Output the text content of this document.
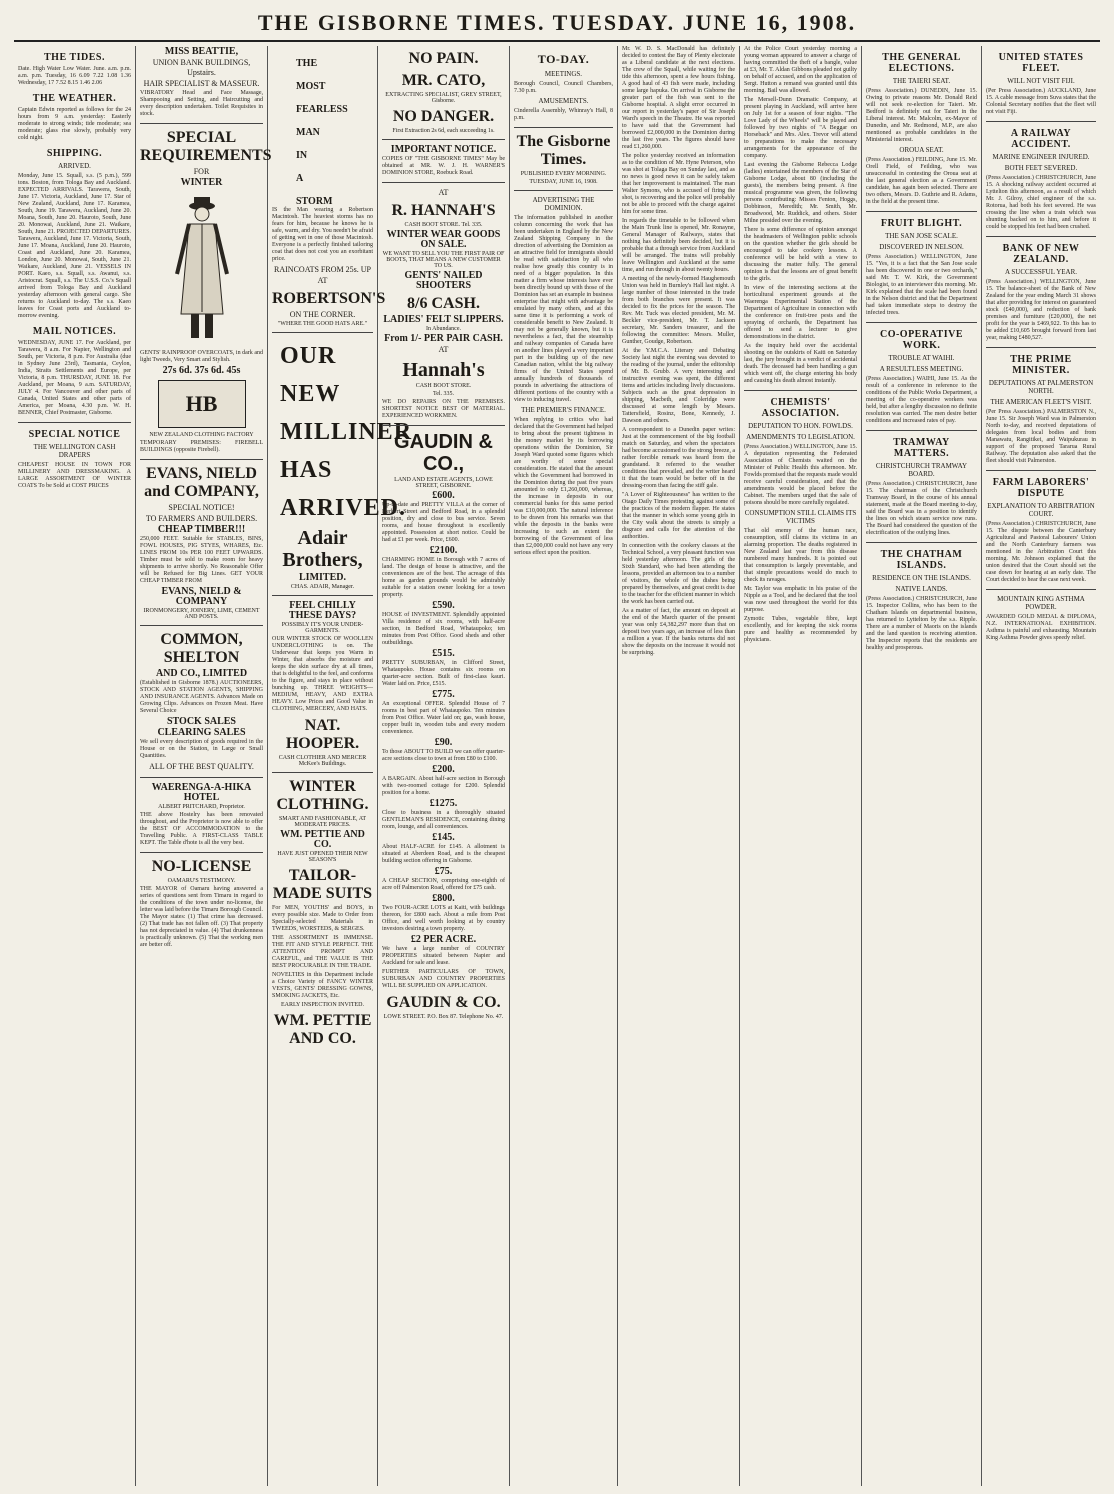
THE GISBORNE TIMES. TUESDAY. JUNE 16, 1908.
THE TIDES.

Date. High Water Low Water. June. a.m. p.m. a.m. p.m. Tuesday, 16 6.09 7.22 1.08 1.36 Wednesday, 17 7.52 8.15 1.46 2.06

THE WEATHER.

Captain Edwin reported as follows for the 24 hours from 9 a.m. yesterday: Easterly moderate to strong winds; tide moderate; sea moderate; glass rise slowly, probably very cold night.

SHIPPING.
ARRIVED.

Monday, June 15. Squall, s.s. (5 p.m.), 599 tons. Boston, from Tologa Bay and Auckland. EXPECTED ARRIVALS. Tarawera, South, June 17. Victoria, Auckland, June 17. Star of New Zealand, Auckland, June 17. Karamea, South, June 19. Tarawera, Auckland, June 20. Moana, South, June 20. Hauroto, South, June 20. Monowai, Auckland, June 21. Waikare, South, June 21. PROJECTED DEPARTURES. Tarawera, Auckland, June 17. Victoria, South, June 17. Moana, Auckland, June 20. Hauroto, Coast and Auckland, June 20. Karamea, London, June 20. Monowai, South, June 21. Waikare, Auckland, June 21. VESSELS IN PORT. Kaeo, s.s. Squall, s.s. Awanui, s.s. Aristocrat. Squall, s.s. The U.S.S. Co.'s Squall arrived from Tologa Bay and Auckland yesterday afternoon with general cargo. She returns to Auckland to-day. The s.s. Kaeo leaves for Coast ports and Auckland to-morrow evening.

MAIL NOTICES.

WEDNESDAY, JUNE 17. For Auckland, per Tarawera, 8 a.m. For Napier, Wellington and South, per Victoria, 8 p.m. For Australia (due in Sydney June 23rd), Tasmania, Ceylon, India, Straits Settlements and Europe, per Victoria, 8 p.m. THURSDAY, JUNE 18. For Auckland, per Moana, 9 a.m. SATURDAY, JULY 4. For Vancouver and other parts of Canada, United States and other parts of America, per Moana, 4.30 p.m. W. H. BENNER, Chief Postmaster, Gisborne.

SPECIAL NOTICE
THE WELLINGTON CASH DRAPERS

CHEAPEST HOUSE IN TOWN FOR MILLINERY AND DRESSMAKING. A LARGE ASSORTMENT OF WINTER COATS To be Sold at COST PRICES

MISS BEATTIE,
UNION BANK BUILDINGS, Upstairs.
HAIR SPECIALIST & MASSEUR.

VIBRATORY Head and Face Massage, Shampooing and Setting, and Haircutting and every description undertaken. Toilet Requisites in stock.

SPECIAL REQUIREMENTS
FOR
WINTER

GENTS' RAINPROOF OVERCOATS, in dark and light Tweeds, Very Smart and Stylish.

27s 6d. 37s 6d. 45s
HB
NEW ZEALAND CLOTHING FACTORY

TEMPORARY PREMISES: FIREBELL BUILDINGS (opposite Firebell).

EVANS, NIELD and COMPANY,
SPECIAL NOTICE!
TO FARMERS AND BUILDERS.
CHEAP TIMBER!!!

250,000 FEET. Suitable for STABLES, BINS, FOWL HOUSES, PIG STYES, WHARES, Etc. LINES FROM 10s PER 100 FEET UPWARDS. Timber must be sold to make room for heavy shipments to arrive shortly. No Reasonable Offer will be Refused for Big Lines. GET YOUR CHEAP TIMBER FROM

EVANS, NIELD & COMPANY
IRONMONGERY, JOINERY, LIME, CEMENT AND POSTS.
COMMON, SHELTON
AND CO., LIMITED

(Established in Gisborne 1878.) AUCTIONEERS, STOCK AND STATION AGENTS, SHIPPING AND INSURANCE AGENTS. Advances Made on Growing Clips. Advances on Frozen Meat. Have Several Choice

STOCK SALES
CLEARING SALES

We sell every description of goods required in the House or on the Station, in Large or Small Quantities.

ALL OF THE BEST QUALITY.
WAERENGA-A-HIKA HOTEL
ALBERT PRITCHARD, Proprietor.

THE above Hostelry has been renovated throughout, and the Proprietor is now able to offer the BEST OF ACCOMMODATION to the Travelling Public. A FIRST-CLASS TABLE KEPT. The Table d'hote is all the very best.

NO-LICENSE
OAMARU'S TESTIMONY.

THE MAYOR of Oamaru having answered a series of questions sent from Timaru in regard to the conditions of the town under no-license, the letter was laid before the Timaru Borough Council. The Mayor states: (1) That crime has decreased. (2) That trade has not fallen off. (3) That property has not depreciated in value. (4) That drunkenness is practically unknown. (5) That the working men are better off.

THE
MOST
FEARLESS
MAN
IN
A
STORM

IS the Man wearing a Robertson Macintosh. The heaviest storms has no fears for him, because he knows he is safe, warm, and dry. You needn't be afraid of getting wet in one of those Macintosh. Everyone is a perfectly finished tailoring coat that does not cost you an exorbitant price.

RAINCOATS FROM 25s. UP
AT
ROBERTSON'S
ON THE CORNER.
"WHERE THE GOOD HATS ARE."
OUR
NEW
MILLINER
HAS
ARRIVED.
Adair Brothers,
LIMITED.
CHAS. ADAIR, Manager.
FEEL CHILLY THESE DAYS?
POSSIBLY IT'S YOUR UNDER-GARMENTS.

OUR WINTER STOCK OF WOOLLEN UNDERCLOTHING is on. The Underwear that keeps you Warm in Winter, that absorbs the moisture and keeps the skin surface dry at all times, that is delightful to the feel, and conforms to the figure, and stays in place without bunching up. THREE WEIGHTS—MEDIUM, HEAVY, AND EXTRA HEAVY. Low Prices and Good Value in CLOTHING, MERCERY, AND HATS.

NAT. HOOPER.
CASH CLOTHIER AND MERCER McKee's Buildings.
WINTER CLOTHING.
SMART AND FASHIONABLE, AT MODERATE PRICES.
WM. PETTIE AND CO.
HAVE JUST OPENED THEIR NEW SEASON'S
TAILOR-MADE SUITS

For MEN, YOUTHS' and BOYS, in every possible size. Made to Order from Specially-selected Materials in TWEEDS, WORSTEDS, & SERGES.

THE ASSORTMENT IS IMMENSE. THE FIT AND STYLE PERFECT. THE ATTENTION PROMPT AND CAREFUL, and THE VALUE IS THE BEST PROCURABLE IN THE TRADE.

NOVELTIES in this Department include a Choice Variety of FANCY WINTER VESTS, GENTS' DRESSING GOWNS, SMOKING JACKETS, Etc.

EARLY INSPECTION INVITED.
WM. PETTIE AND CO.
NO PAIN.
MR. CATO,
EXTRACTING SPECIALIST, GREY STREET, Gisborne.
NO DANGER.
First Extraction 2s 6d, each succeeding 1s.
IMPORTANT NOTICE.

COPIES OF "THE GISBORNE TIMES" May be obtained at MR. W. J. H. WARNER'S DOMINION STORE, Roebuck Road.

AT
R. HANNAH'S
CASH BOOT STORE. Tel. 335.
WINTER WEAR GOODS ON SALE.
WE WANT TO SELL YOU THE FIRST PAIR OF BOOTS, THAT MEANS A NEW CUSTOMER TO US.
GENTS' NAILED SHOOTERS
8/6 CASH.
LADIES' FELT SLIPPERS.
In Abundance.
From 1/- PER PAIR CASH.
AT
Hannah's
CASH BOOT STORE.
Tel. 335.

WE DO REPAIRS ON THE PREMISES. SHORTEST NOTICE BEST OF MATERIAL. EXPERIENCED WORKMEN.

GAUDIN & CO.,
LAND AND ESTATE AGENTS, LOWE STREET, GISBORNE.
£600.

Up-to-date and PRETTY VILLA at the corner of Herbert Street and Bedford Road, in a splendid position, dry and close to bus service. Seven rooms, and house throughout is excellently appointed. Possession at short notice. Could be had at £1 per week. Price, £600.

£2100.

CHARMING HOME in Borough with 7 acres of land. The design of house is attractive, and the conveniences are of the best. The acreage of this home as garden grounds would be admirably suitable for a station owner looking for a town property.

£590.

HOUSE of INVESTMENT. Splendidly appointed Villa residence of six rooms, with half-acre section, in Bedford Road, Whataupoko; ten minutes from Post Office. Good sheds and other outbuildings.

£515.

PRETTY SUBURBAN, in Clifford Street, Whataupoko. House contains six rooms on quarter-acre section. Built of first-class kauri. Water laid on. Price, £515.

£775.

An exceptional OFFER. Splendid House of 7 rooms in best part of Whataupoko. Ten minutes from Post Office. Water laid on; gas, wash house, copper built in, wooden tubs and every modern convenience.

£90.

To those ABOUT TO BUILD we can offer quarter-acre sections close to town at from £80 to £100.

£200.

A BARGAIN. About half-acre section in Borough with two-roomed cottage for £200. Splendid position for a home.

£1275.

Close to business in a thoroughly situated GENTLEMAN'S RESIDENCE, containing dining room, lounge, and all conveniences.

£145.

About HALF-ACRE for £145. A allotment is situated at Aberdeen Road, and is the cheapest building section offering in Gisborne.

£75.

A CHEAP SECTION, comprising one-eighth of acre off Palmerston Road, offered for £75 cash.

£800.

Two FOUR-ACRE LOTS at Kaiti, with buildings thereon, for £800 each. About a mile from Post Office, and well worth looking at by country investors desiring a town property.

£2 PER ACRE.

We have a large number of COUNTRY PROPERTIES situated between Napier and Auckland for sale and lease.

FURTHER PARTICULARS OF TOWN, SUBURBAN AND COUNTRY PROPERTIES WILL BE SUPPLIED ON APPLICATION.

GAUDIN & CO.
LOWE STREET. P.O. Box 87. Telephone No. 47.
TO-DAY.
MEETINGS.

Borough Council, Council Chambers, 7.30 p.m.

AMUSEMENTS.

Cinderella Assembly, Whinray's Hall, 8 p.m.

The Gisborne Times.
PUBLISHED EVERY MORNING.
TUESDAY, JUNE 16, 1908.
ADVERTISING THE DOMINION.

The information published in another column concerning the work that has been undertaken in England by the New Zealand Shipping Company in the direction of advertising the Dominion as an attractive field for immigrants should be read with satisfaction by all who realise how greatly this country is in need of a bigger population. In this matter a firm whose interests have ever been directly bound up with those of the Dominion has set an example in business enterprise that might with advantage be emulated by many others, and at this same time it is performing a work of considerable benefit to New Zealand. It may not be generally known, but it is nevertheless a fact, that the steamship and railway companies of Canada have on another lines played a very important part in the building up of the new Canadian nation, whilst the big railway firms of the United States spend annually hundreds of thousands of pounds in advertising the attractions of different portions of the country with a view to inducing travel.

THE PREMIER'S FINANCE.

When replying to critics who had declared that the Government had helped to bring about the present tightness in the money market by its borrowing operations within the Dominion, Sir Joseph Ward quoted some figures which are worthy of some special consideration. He stated that the amount which the Government had borrowed in the Dominion during the past five years amounted to only £1,260,000, whereas, the increase in deposits in our commercial banks for this same period was £10,000,000. The natural inference to be drawn from his remarks was that while the deposits in the banks were increasing to such an extent the borrowing of the Government of less than £2,000,000 could not have any very serious effect upon the position.

Mr. W. D. S. MacDonald has definitely decided to contest the Bay of Plenty electorate as a Liberal candidate at the next elections. The crew of the Squall, while waiting for the tide this afternoon, spent a few hours fishing. A good haul of 43 fish were made, including some large hapuka. On arrival in Gisborne the greater part of the fish was sent to the Gisborne hospital. A slight error occurred in our report in yesterday's paper of Sir Joseph Ward's speech in the Theatre. He was reported to have said that the Government had borrowed £2,000,000 in the Dominion during the last five years. The figures should have read £1,260,000.

The police yesterday received an information as to the condition of Mr. Hyne Peterson, who was shot at Tolaga Bay on Sunday last, and as no news is good news it can be safely taken that her improvement is maintained. The man Walter Symons, who is accused of firing the shot, is recovering and the police will probably not be able to proceed with the charge against him for some time.

In regards the timetable to be followed when the Main Trunk line is opened, Mr. Ronayne, General Manager of Railways, states that nothing has definitely been decided, but it is probable that a through service from Auckland will be arranged. The trains will probably leave Wellington and Auckland at the same time, and run through in about twenty hours.

A meeting of the newly-formed Haughemouth Union was held in Burnley's Hall last night. A large number of those interested in the trade from both branches were present. It was decided to fix the prices for the season. The Rev. Mr. Tuck was elected president, Mr. M. Beckler vice-president, Mr. T. Jackson secretary, Mr. Sanders treasurer, and the following the committee: Messrs. Muller, Gunther, Goudge, Robertson.

At the Y.M.C.A. Literary and Debating Society last night the evening was devoted to the reading of the journal, under the editorship of Mr. B. Grubb. A very interesting and instructive evening was spent, the different items and articles including lively discussions. Subjects such as the great depression in shipping, Macbeth, and Coleridge were discussed at some length by Messrs. Tattersfield, Rosinz, Bone, Kennedy, J. Dawson and others.

A correspondent to a Dunedin paper writes: Just at the commencement of the big football match on Saturday, and when the spectators had become accustomed to the strong breeze, a rather forcible remark was heard from the grandstand. It referred to the weather conditions that prevailed, and the writer heard it that the team would be better off in the dressing-room than facing the stiff gale.

"A Lover of Righteousness" has written to the Otago Daily Times protesting against some of the practices of the modern flapper. He states that the manner in which some young girls in the City walk about the streets is simply a disgrace and calls for the attention of the authorities.

In connection with the cookery classes at the Technical School, a very pleasant function was held yesterday afternoon. The girls of the Sixth Standard, who had been attending the lessons, provided an afternoon tea to a number of visitors, the whole of the dishes being prepared by themselves, and great credit is due to the teacher for the efficient manner in which the work has been carried out.

As a matter of fact, the amount on deposit at the end of the March quarter of the present year was only £4,382,297 more than that on deposit two years ago, an increase of less than a million a year. If the banks returns did not show the deposits on the increase it would not be surprising.

At the Police Court yesterday morning a young woman appeared to answer a charge of having committed the theft of a bangle, value at £3, Mr. T. Aldan Gibbons pleaded not guilty on behalf of accused, and on the application of Sergt. Hutton a remand was granted until this morning. Bail was allowed.

The Mersell-Dunn Dramatic Company, at present playing in Auckland, will arrive here on July 1st for a season of four nights. "The Love Lady of the Wheels" will be played and followed by two nights of "A Beggar on Horseback" and Mrs. Alex. Trevor will attend to preparations to make the necessary arrangements for the appearance of the company.

Last evening the Gisborne Rebecca Lodge (ladies) entertained the members of the Star of Gisborne Lodge, about 80 (including the guests), the members being present. A fine musical programme was given, the following persons contributing: Misses Fenton, Hoggs, Dobbinson, Meredith; Mr. Smith, Mr. Broadwood, Mr. Ruddick, and others. Sister Milne presided over the evening.

There is some difference of opinion amongst the headmasters of Wellington public schools on the question whether the girls should be encouraged to take cookery lessons. A conference will be held with a view to discussing the matter fully. The general opinion is that the lessons are of great benefit to the girls.

In view of the interesting sections at the horticultural experiment grounds at the Waerenga Experimental Station of the Department of Agriculture in connection with the conference on fruit-tree pests and the spraying of orchards, the Department has offered to send a lecturer to give demonstrations in the district.

As the inquiry held over the accidental shooting on the outskirts of Kaiti on Saturday last, the jury brought in a verdict of accidental death. The deceased had been handling a gun which went off, the charge entering his body and causing his death almost instantly.

CHEMISTS' ASSOCIATION.
DEPUTATION TO HON. FOWLDS.
AMENDMENTS TO LEGISLATION.

(Press Association.) WELLINGTON, June 15. A deputation representing the Federated Association of Chemists waited on the Minister of Public Health this afternoon. Mr. Fowlds promised that the requests made would receive careful consideration, and that the amendments would be placed before the Cabinet. The members urged that the sale of poisons should be more carefully regulated.

CONSUMPTION STILL CLAIMS ITS VICTIMS

That old enemy of the human race, consumption, still claims its victims in an alarming proportion. The deaths registered in New Zealand last year from this disease numbered many hundreds. It is pointed out that consumption is largely preventable, and that simple precautions would do much to check its ravages.

Mr. Taylor was emphatic in his praise of the Nipple as a Tool, and he declared that the tool was now used throughout the world for this purpose.

Zymotic Tubes, vegetable fibre, kept excellently, and for keeping the sick rooms pure and healthy as recommended by physicians.

THE GENERAL ELECTIONS.
THE TAIERI SEAT.

(Press Association.) DUNEDIN, June 15. Owing to private reasons Mr. Donald Reid will not seek re-election for Taieri. Mr. Bedford is definitely out for Taieri in the Liberal interest. Mr. Malcolm, ex-Mayor of Dunedin, and Mr. Redmond, M.P., are also mentioned as probable candidates in the Ministerial interest.

OROUA SEAT.

(Press Association.) FEILDING, June 15. Mr. Orell Field, of Feilding, who was unsuccessful in contesting the Oroua seat at the last general election as a Government candidate, has again been selected. There are two others, Messrs. D. Guthrie and R. Adams, in the field at the present time.

FRUIT BLIGHT.
THE SAN JOSE SCALE.
DISCOVERED IN NELSON.

(Press Association.) WELLINGTON, June 15. "Yes, it is a fact that the San Jose scale has been discovered in one or two orchards," said Mr. T. W. Kirk, the Government Biologist, to an interviewer this morning. Mr. Kirk explained that the scale had been found in the Nelson district and that the Department had taken immediate steps to destroy the infected trees.

CO-OPERATIVE WORK.
TROUBLE AT WAIHI.
A RESULTLESS MEETING.

(Press Association.) WAIHI, June 15. As the result of a conference in reference to the conditions of the Public Works Department, a meeting of the co-operative workers was held, but after a lengthy discussion no definite resolution was carried. The men desire better conditions and increased rates of pay.

TRAMWAY MATTERS.
CHRISTCHURCH TRAMWAY BOARD.

(Press Association.) CHRISTCHURCH, June 15. The chairman of the Christchurch Tramway Board, in the course of his annual statement, made at the Board meeting to-day, said the Board was in a position to identify the lines on which steam service now runs. The Board had considered the question of the electrification of the outlying lines.

THE CHATHAM ISLANDS.
RESIDENCE ON THE ISLANDS.
NATIVE LANDS.

(Press Association.) CHRISTCHURCH, June 15. Inspector Collins, who has been to the Chatham Islands on departmental business, has returned to Lyttelton by the s.s. Ripple. There are a number of Maoris on the islands and the land question is receiving attention. The Inspector reports that the residents are healthy and prosperous.

UNITED STATES FLEET.
WILL NOT VISIT FIJI.

(Per Press Association.) AUCKLAND, June 15. A cable message from Suva states that the Colonial Secretary notifies that the fleet will not visit Fiji.

A RAILWAY ACCIDENT.
MARINE ENGINEER INJURED.
BOTH FEET SEVERED.

(Press Association.) CHRISTCHURCH, June 15. A shocking railway accident occurred at Lyttelton this afternoon, as a result of which Mr. J. Gilroy, chief engineer of the s.s. Rotorua, had both his feet severed. He was crossing the line when a train which was shunting backed on to him, and before it could be stopped his feet had been crushed.

BANK OF NEW ZEALAND.
A SUCCESSFUL YEAR.

(Press Association.) WELLINGTON, June 15. The balance-sheet of the Bank of New Zealand for the year ending March 31 shows that after providing for interest on guaranteed stock (£40,000), and reduction of bank premises and furniture (£20,000), the net profit for the year is £469,922. To this has to be added £10,605 brought forward from last year, making £480,527.

THE PRIME MINISTER.
DEPUTATIONS AT PALMERSTON NORTH.
THE AMERICAN FLEET'S VISIT.

(Per Press Association.) PALMERSTON N., June 15. Sir Joseph Ward was in Palmerston North to-day, and received deputations of delegates from local bodies and from Manawatu, Rangitikei, and Waipukurau in support of the proposed Tararua Rural Railway. The deputation also asked that the fleet should visit Palmerston.

FARM LABORERS' DISPUTE
EXPLANATION TO ARBITRATION COURT.

(Press Association.) CHRISTCHURCH, June 15. The dispute between the Canterbury Agricultural and Pastoral Labourers' Union and the North Canterbury farmers was mentioned in the Arbitration Court this morning. Mr. Johnson explained that the union desired that the Court should set the case down for hearing at an early date. The Court decided to hear the case next week.

MOUNTAIN KING ASTHMA POWDER.

AWARDED GOLD MEDAL & DIPLOMA, N.Z. INTERNATIONAL EXHIBITION. Asthma is painful and exhausting. Mountain King Asthma Powder gives speedy relief.
